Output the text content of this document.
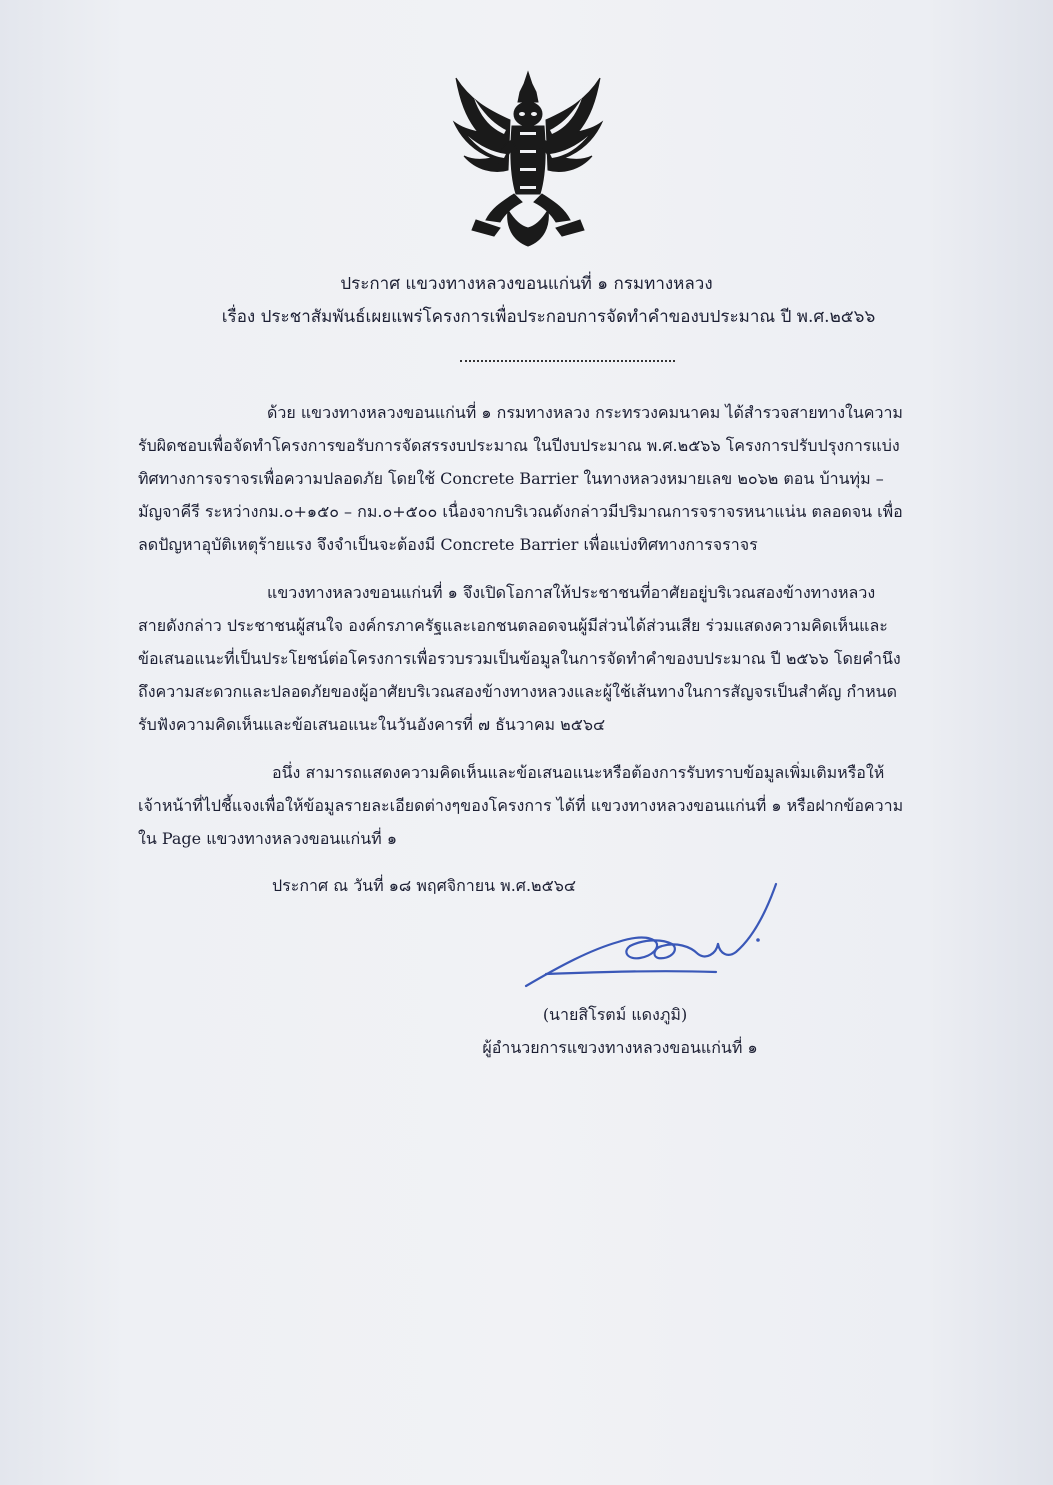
ประกาศ แขวงทางหลวงขอนแก่นที่ ๑ กรมทางหลวง
เรื่อง ประชาสัมพันธ์เผยแพร่โครงการเพื่อประกอบการจัดทำคำของบประมาณ ปี พ.ศ.๒๕๖๖
ด้วย แขวงทางหลวงขอนแก่นที่ ๑ กรมทางหลวง กระทรวงคมนาคม ได้สำรวจสายทางในความ
รับผิดชอบเพื่อจัดทำโครงการขอรับการจัดสรรงบประมาณ ในปีงบประมาณ พ.ศ.๒๕๖๖ โครงการปรับปรุงการแบ่ง
ทิศทางการจราจรเพื่อความปลอดภัย โดยใช้ Concrete Barrier ในทางหลวงหมายเลข ๒๐๖๒ ตอน บ้านทุ่ม –
มัญจาคีรี ระหว่างกม.๐+๑๕๐ – กม.๐+๕๐๐ เนื่องจากบริเวณดังกล่าวมีปริมาณการจราจรหนาแน่น ตลอดจน เพื่อ
ลดปัญหาอุบัติเหตุร้ายแรง จึงจำเป็นจะต้องมี Concrete Barrier เพื่อแบ่งทิศทางการจราจร
แขวงทางหลวงขอนแก่นที่ ๑ จึงเปิดโอกาสให้ประชาชนที่อาศัยอยู่บริเวณสองข้างทางหลวง
สายดังกล่าว ประชาชนผู้สนใจ องค์กรภาครัฐและเอกชนตลอดจนผู้มีส่วนได้ส่วนเสีย ร่วมแสดงความคิดเห็นและ
ข้อเสนอแนะที่เป็นประโยชน์ต่อโครงการเพื่อรวบรวมเป็นข้อมูลในการจัดทำคำของบประมาณ ปี ๒๕๖๖ โดยคำนึง
ถึงความสะดวกและปลอดภัยของผู้อาศัยบริเวณสองข้างทางหลวงและผู้ใช้เส้นทางในการสัญจรเป็นสำคัญ กำหนด
รับฟังความคิดเห็นและข้อเสนอแนะในวันอังคารที่ ๗ ธันวาคม ๒๕๖๔
อนึ่ง สามารถแสดงความคิดเห็นและข้อเสนอแนะหรือต้องการรับทราบข้อมูลเพิ่มเติมหรือให้
เจ้าหน้าที่ไปชี้แจงเพื่อให้ข้อมูลรายละเอียดต่างๆของโครงการ ได้ที่ แขวงทางหลวงขอนแก่นที่ ๑ หรือฝากข้อความ
ใน Page แขวงทางหลวงขอนแก่นที่ ๑
ประกาศ ณ วันที่ ๑๘ พฤศจิกายน พ.ศ.๒๕๖๔
(นายสิโรตม์ แดงภูมิ)
ผู้อำนวยการแขวงทางหลวงขอนแก่นที่ ๑
